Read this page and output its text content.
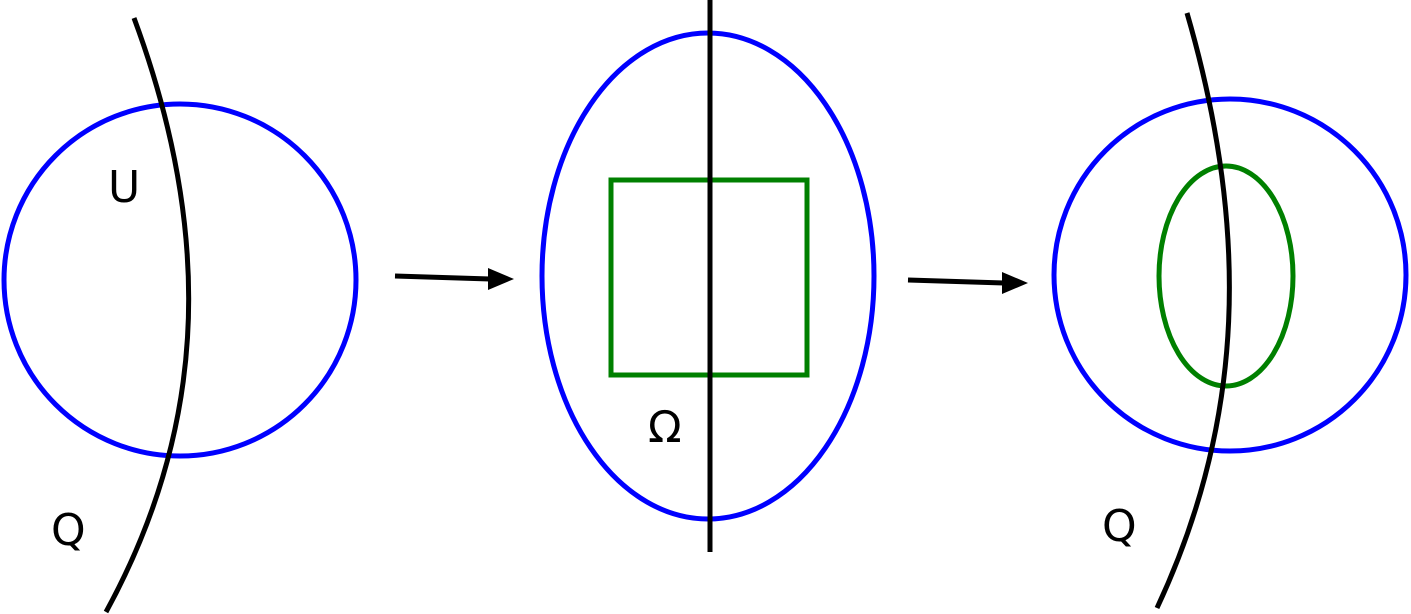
U
Q
Ω
Q
